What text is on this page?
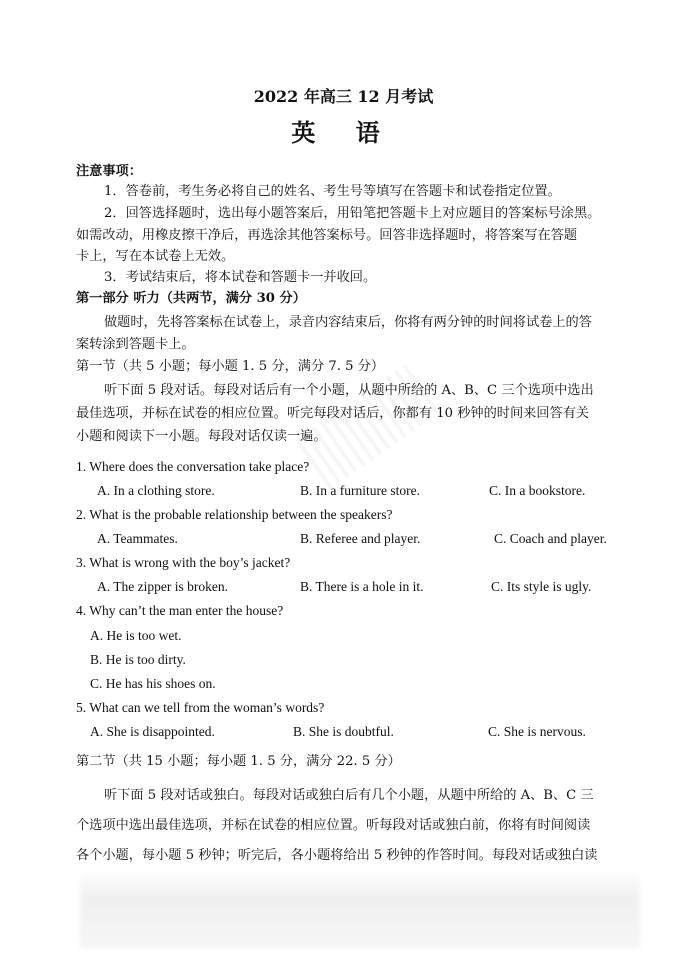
2022 年高三 12 月考试
英 语
注意事项：
1．答卷前，考生务必将自己的姓名、考生号等填写在答题卡和试卷指定位置。
2．回答选择题时，选出每小题答案后，用铅笔把答题卡上对应题目的答案标号涂黑。
如需改动，用橡皮擦干净后，再选涂其他答案标号。回答非选择题时，将答案写在答题
卡上，写在本试卷上无效。
3．考试结束后，将本试卷和答题卡一并收回。
第一部分 听力（共两节，满分 30 分）
做题时，先将答案标在试卷上，录音内容结束后，你将有两分钟的时间将试卷上的答
案转涂到答题卡上。
第一节（共 5 小题；每小题 1. 5 分，满分 7. 5 分）
听下面 5 段对话。每段对话后有一个小题，从题中所给的 A、B、C 三个选项中选出
最佳选项，并标在试卷的相应位置。听完每段对话后，你都有 10 秒钟的时间来回答有关
小题和阅读下一小题。每段对话仅读一遍。
1. Where does the conversation take place?
A. In a clothing store.	B. In a furniture store.	C. In a bookstore.
2. What is the probable relationship between the speakers?
A. Teammates.	B. Referee and player.	C. Coach and player.
3. What is wrong with the boy’s jacket?
A. The zipper is broken.	B. There is a hole in it.	C. Its style is ugly.
4. Why can’t the man enter the house?
A. He is too wet.
B. He is too dirty.
C. He has his shoes on.
5. What can we tell from the woman’s words?
A. She is disappointed.	B. She is doubtful.	C. She is nervous.
第二节（共 15 小题；每小题 1. 5 分，满分 22. 5 分）
听下面 5 段对话或独白。每段对话或独白后有几个小题，从题中所给的 A、B、C 三
个选项中选出最佳选项，并标在试卷的相应位置。听每段对话或独白前，你将有时间阅读
各个小题，每小题 5 秒钟；听完后，各小题将给出 5 秒钟的作答时间。每段对话或独白读
